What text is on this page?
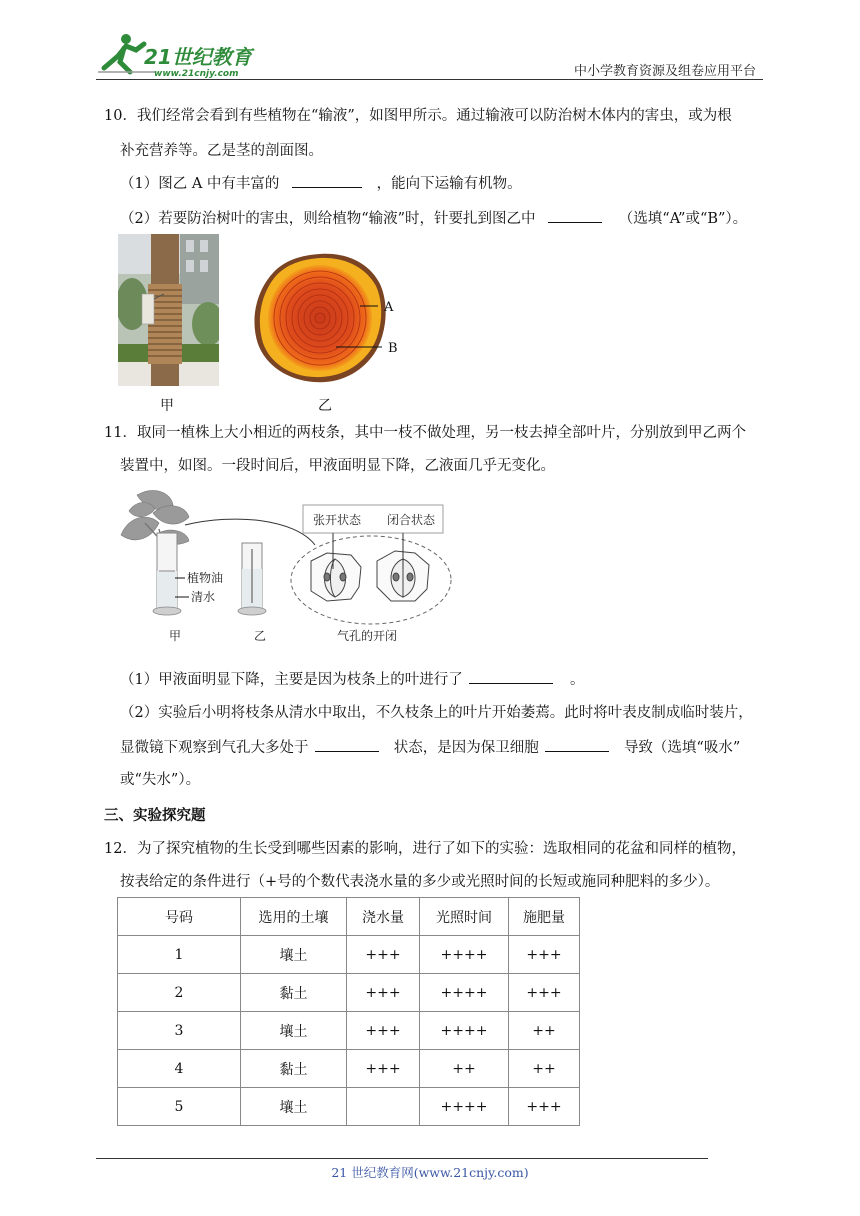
21世纪教育
www.21cnjy.com	中小学教育资源及组卷应用平台
10．我们经常会看到有些植物在“输液”，如图甲所示。通过输液可以防治树木体内的害虫，或为根
补充营养等。乙是茎的剖面图。
（1）图乙 A 中有丰富的	，能向下运输有机物。
（2）若要防治树叶的害虫，则给植物“输液”时，针要扎到图乙中	（选填“A”或“B”）。
A
B
甲	乙
11．取同一植株上大小相近的两枝条，其中一枝不做处理，另一枝去掉全部叶片，分别放到甲乙两个
装置中，如图。一段时间后，甲液面明显下降，乙液面几乎无变化。
植物油
清水
甲	乙
张开状态 闭合状态
气孔的开闭
（1）甲液面明显下降，主要是因为枝条上的叶进行了	。
（2）实验后小明将枝条从清水中取出，不久枝条上的叶片开始萎蔫。此时将叶表皮制成临时装片，
显微镜下观察到气孔大多处于	状态，是因为保卫细胞	导致（选填“吸水”
或“失水”）。
三、实验探究题
12．为了探究植物的生长受到哪些因素的影响，进行了如下的实验：选取相同的花盆和同样的植物，
按表给定的条件进行（+号的个数代表浇水量的多少或光照时间的长短或施同种肥料的多少）。
号码	选用的土壤	浇水量	光照时间	施肥量
1	壤土	+++	++++	+++
2	黏土	+++	++++	+++
3	壤土	+++	++++	++
4	黏土	+++	++	++
5	壤土		++++	+++
21 世纪教育网(www.21cnjy.com)
